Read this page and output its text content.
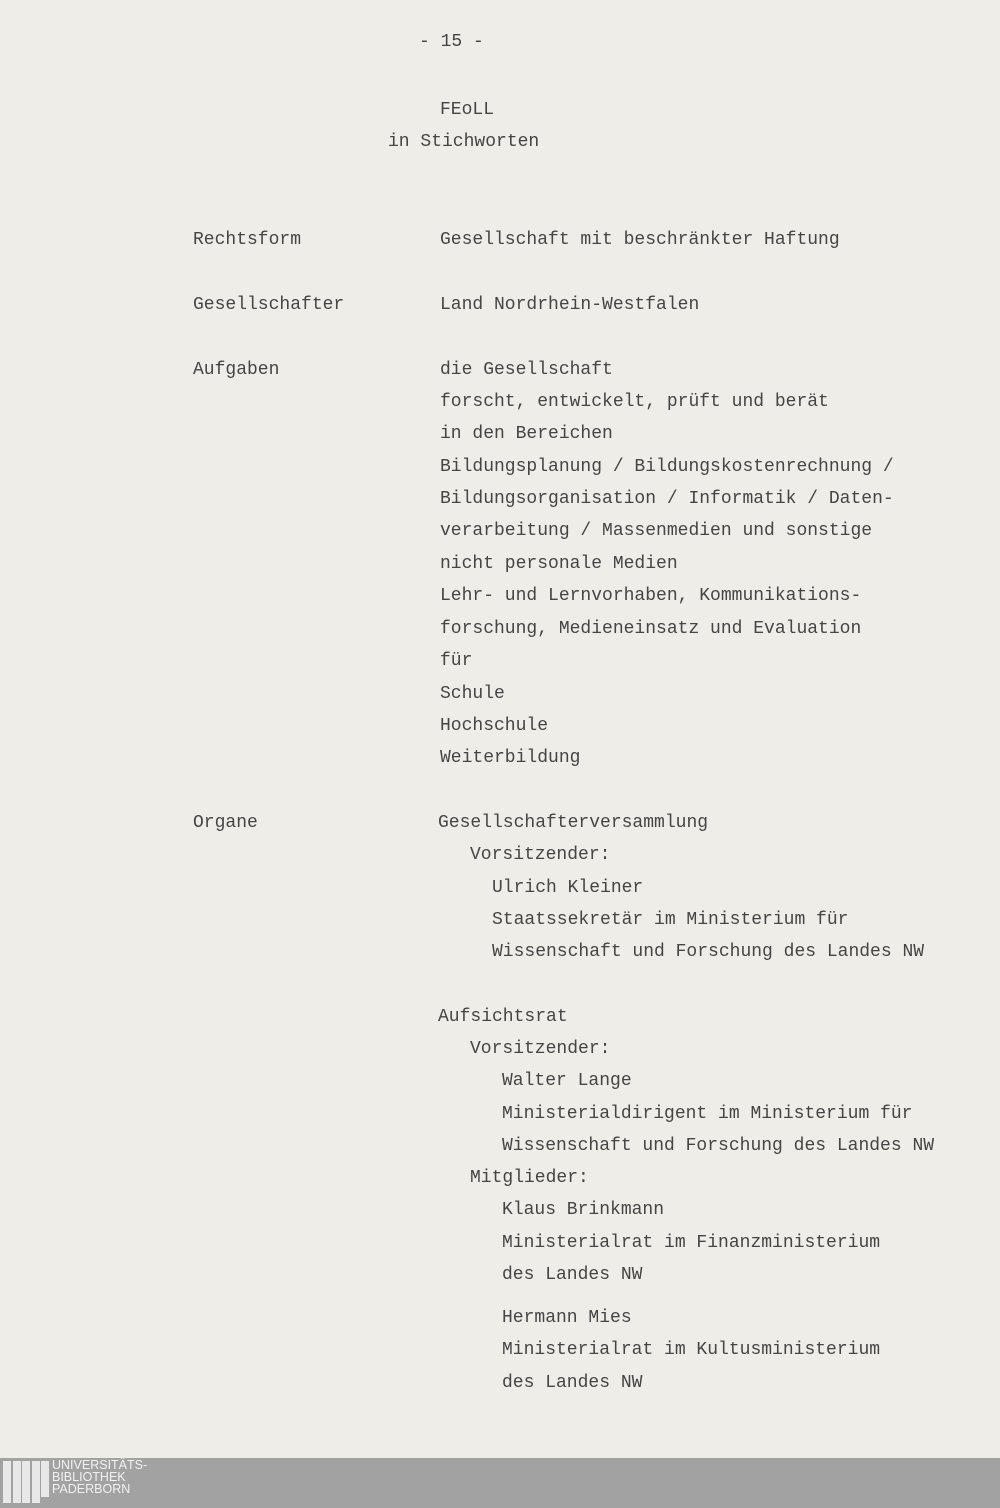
- 15 -
FEoLL
in Stichworten
Rechtsform	Gesellschaft mit beschränkter Haftung
Gesellschafter	Land Nordrhein-Westfalen
Aufgaben	die Gesellschaft
forscht, entwickelt, prüft und berät
in den Bereichen
Bildungsplanung / Bildungskostenrechnung /
Bildungsorganisation / Informatik / Daten-
verarbeitung / Massenmedien und sonstige
nicht personale Medien
Lehr- und Lernvorhaben, Kommunikations-
forschung, Medieneinsatz und Evaluation
für
Schule
Hochschule
Weiterbildung
Organe	Gesellschafterversammlung
Vorsitzender:
Ulrich Kleiner
Staatssekretär im Ministerium für
Wissenschaft und Forschung des Landes NW
Aufsichtsrat
Vorsitzender:
Walter Lange
Ministerialdirigent im Ministerium für
Wissenschaft und Forschung des Landes NW
Mitglieder:
Klaus Brinkmann
Ministerialrat im Finanzministerium
des Landes NW
Hermann Mies
Ministerialrat im Kultusministerium
des Landes NW
UNIVERSITÄTS-
BIBLIOTHEK
PADERBORN
